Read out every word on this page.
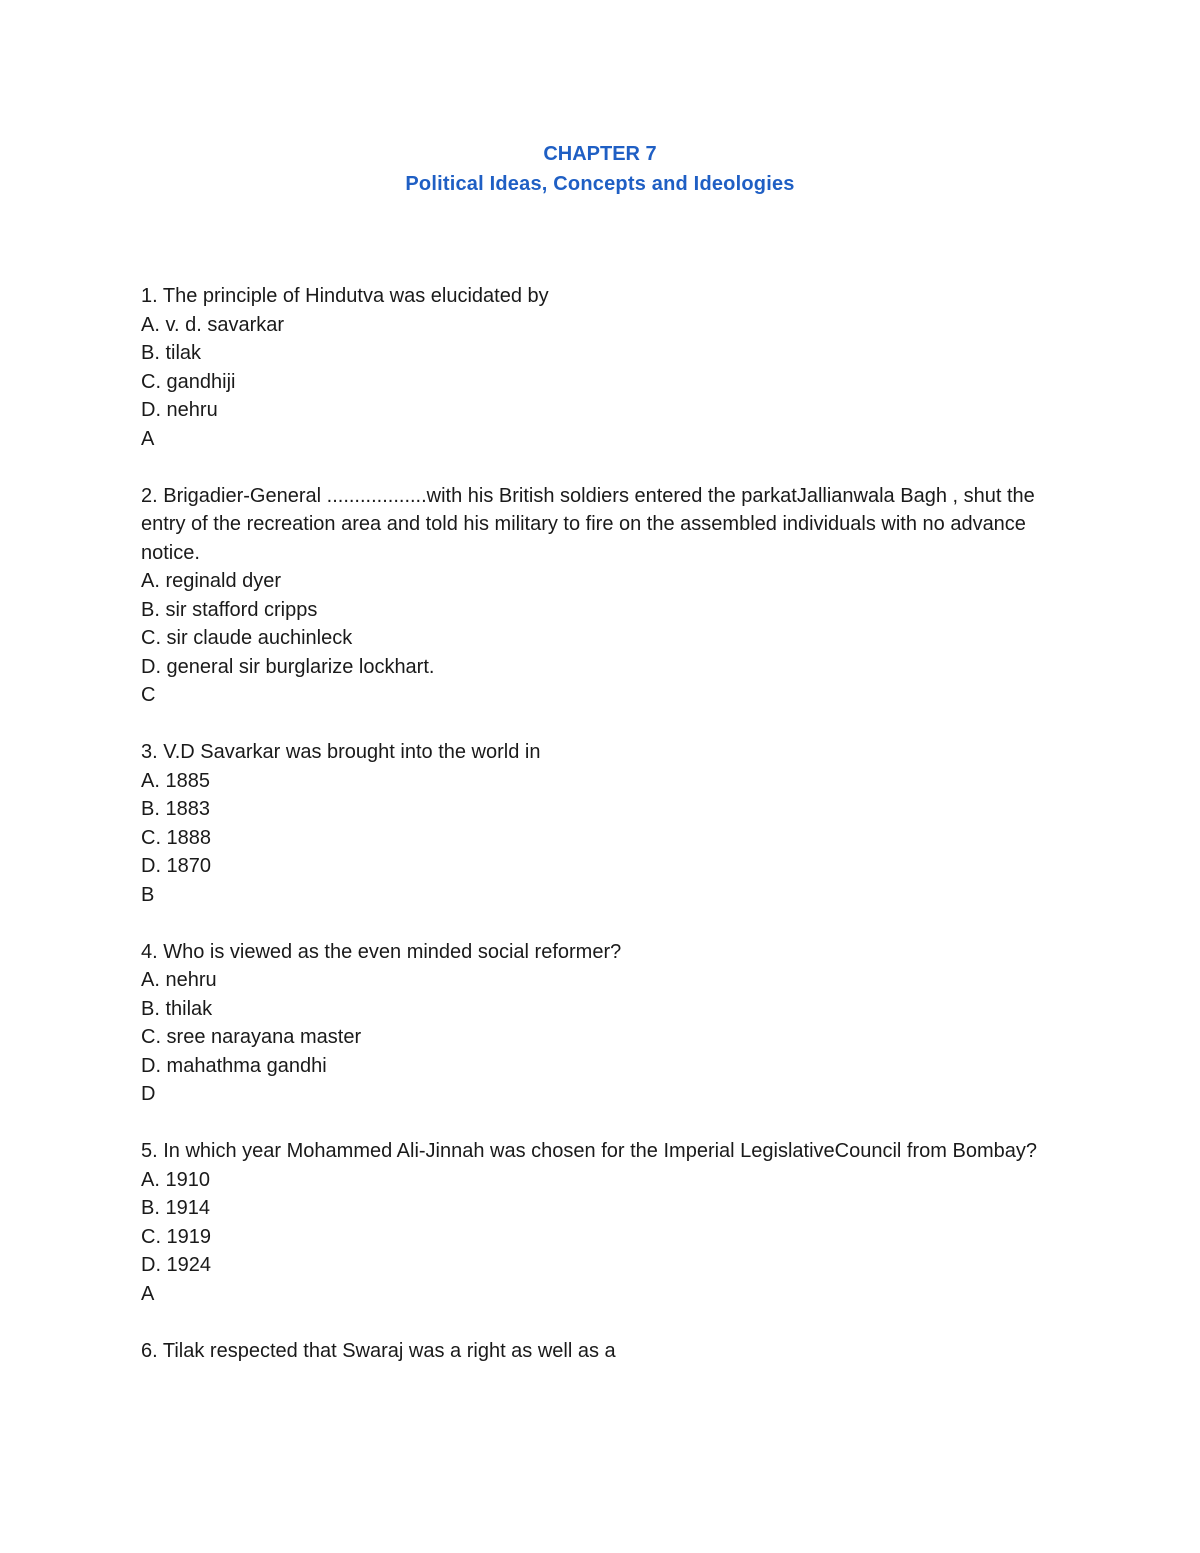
CHAPTER 7
Political Ideas, Concepts and Ideologies
1. The principle of Hindutva was elucidated by
A. v. d. savarkar
B. tilak
C. gandhiji
D. nehru
A
2. Brigadier-General ..................with his British soldiers entered the parkatJallianwala Bagh , shut the entry of the recreation area and told his military to fire on the assembled individuals with no advance notice.
A. reginald dyer
B. sir stafford cripps
C. sir claude auchinleck
D. general sir burglarize lockhart.
C
3. V.D Savarkar was brought into the world in
A. 1885
B. 1883
C. 1888
D. 1870
B
4. Who is viewed as the even minded social reformer?
A. nehru
B. thilak
C. sree narayana master
D. mahathma gandhi
D
5. In which year Mohammed Ali-Jinnah was chosen for the Imperial LegislativeCouncil from Bombay?
A. 1910
B. 1914
C. 1919
D. 1924
A
6. Tilak respected that Swaraj was a right as well as a
